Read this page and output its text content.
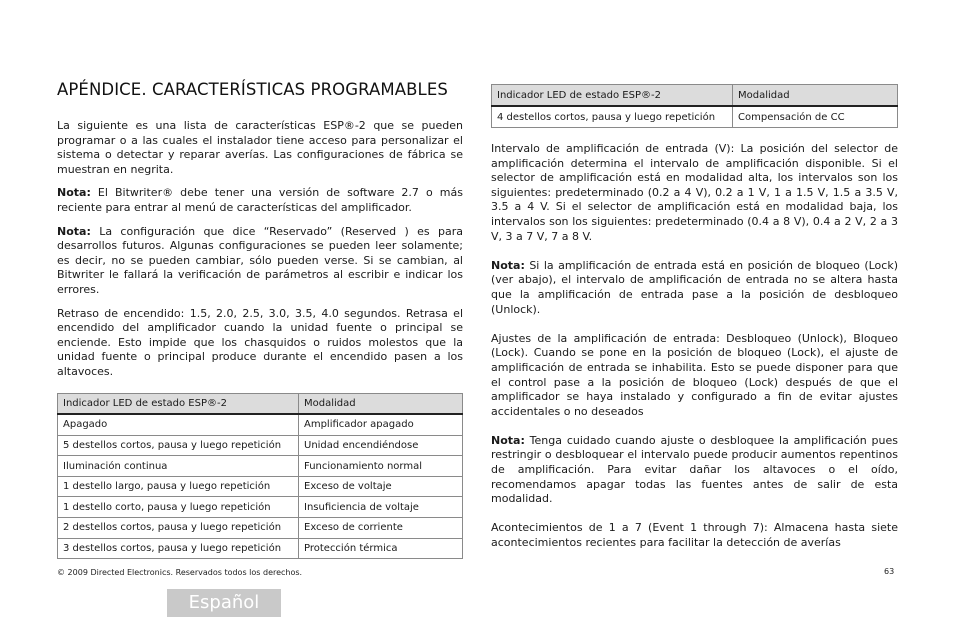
APÉNDICE. CARACTERÍSTICAS PROGRAMABLES

La siguiente es una lista de características ESP®-2 que se pueden programar o a las cuales el instalador tiene acceso para personalizar el sistema o detectar y reparar averías. Las configuraciones de fábrica se muestran en negrita.

Nota: El Bitwriter® debe tener una versión de software 2.7 o más reciente para entrar al menú de características del amplificador.

Nota: La configuración que dice “Reservado” (Reserved ) es para desarrollos futuros. Algunas configuraciones se pueden leer solamente; es decir, no se pueden cambiar, sólo pueden verse. Si se cambian, al Bitwriter le fallará la verificación de parámetros al escribir e indicar los errores.

Retraso de encendido: 1.5, 2.0, 2.5, 3.0, 3.5, 4.0 segundos. Retrasa el encendido del amplificador cuando la unidad fuente o principal se enciende. Esto impide que los chasquidos o ruidos molestos que la unidad fuente o principal produce durante el encendido pasen a los altavoces.

Indicador LED de estado ESP®-2	Modalidad
Apagado	Amplificador apagado
5 destellos cortos, pausa y luego repetición	Unidad encendiéndose
Iluminación continua	Funcionamiento normal
1 destello largo, pausa y luego repetición	Exceso de voltaje
1 destello corto, pausa y luego repetición	Insuficiencia de voltaje
2 destellos cortos, pausa y luego repetición	Exceso de corriente
3 destellos cortos, pausa y luego repetición	Protección térmica
Indicador LED de estado ESP®-2	Modalidad
4 destellos cortos, pausa y luego repetición	Compensación de CC

Intervalo de amplificación de entrada (V): La posición del selector de amplificación determina el intervalo de amplificación disponible. Si el selector de amplificación está en modalidad alta, los intervalos son los siguientes: predeterminado (0.2 a 4 V), 0.2 a 1 V, 1 a 1.5 V, 1.5 a 3.5 V, 3.5 a 4 V. Si el selector de amplificación está en modalidad baja, los intervalos son los siguientes: predeterminado (0.4 a 8 V), 0.4 a 2 V, 2 a 3 V, 3 a 7 V, 7 a 8 V.

Nota: Si la amplificación de entrada está en posición de bloqueo (Lock) (ver abajo), el intervalo de amplificación de entrada no se altera hasta que la amplificación de entrada pase a la posición de desbloqueo (Unlock).

Ajustes de la amplificación de entrada: Desbloqueo (Unlock), Bloqueo (Lock). Cuando se pone en la posición de bloqueo (Lock), el ajuste de amplificación de entrada se inhabilita. Esto se puede disponer para que el control pase a la posición de bloqueo (Lock) después de que el amplificador se haya instalado y configurado a fin de evitar ajustes accidentales o no deseados

Nota: Tenga cuidado cuando ajuste o desbloquee la amplificación pues restringir o desbloquear el intervalo puede producir aumentos repentinos de amplificación. Para evitar dañar los altavoces o el oído, recomendamos apagar todas las fuentes antes de salir de esta modalidad.

Acontecimientos de 1 a 7 (Event 1 through 7): Almacena hasta siete acontecimientos recientes para facilitar la detección de averías

© 2009 Directed Electronics. Reservados todos los derechos.	63
Español
